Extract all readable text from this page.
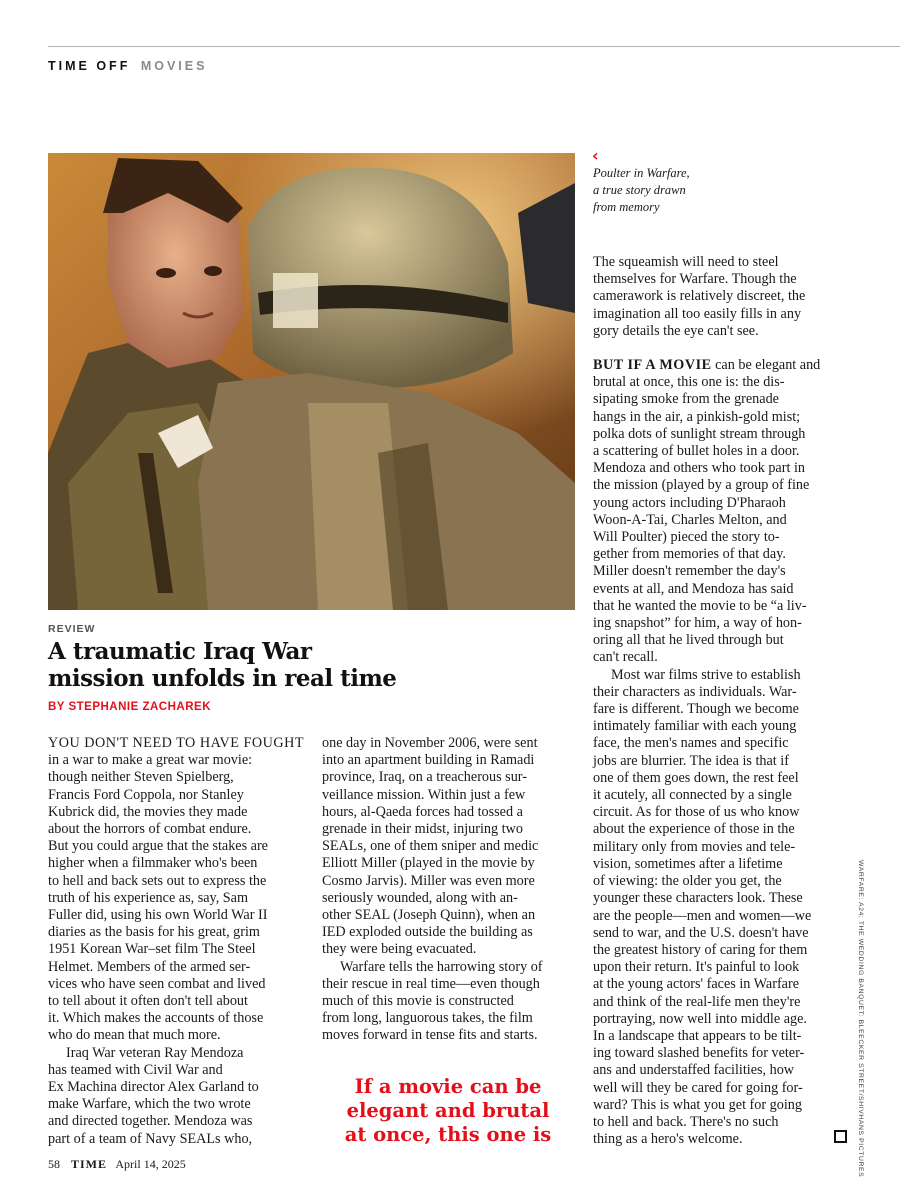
TIME OFF MOVIES
‹
Poulter in Warfare,
a true story drawn
from memory
REVIEW
A traumatic Iraq War
mission unfolds in real time
BY STEPHANIE ZACHAREK
YOU DON'T NEED TO HAVE FOUGHT
in a war to make a great war movie:
though neither Steven Spielberg,
Francis Ford Coppola, nor Stanley
Kubrick did, the movies they made
about the horrors of combat endure.
But you could argue that the stakes are
higher when a filmmaker who's been
to hell and back sets out to express the
truth of his experience as, say, Sam
Fuller did, using his own World War II
diaries as the basis for his great, grim
1951 Korean War–set film The Steel
Helmet. Members of the armed ser-
vices who have seen combat and lived
to tell about it often don't tell about
it. Which makes the accounts of those
who do mean that much more.
Iraq War veteran Ray Mendoza
has teamed with Civil War and
Ex Machina director Alex Garland to
make Warfare, which the two wrote
and directed together. Mendoza was
part of a team of Navy SEALs who,
one day in November 2006, were sent
into an apartment building in Ramadi
province, Iraq, on a treacherous sur-
veillance mission. Within just a few
hours, al-Qaeda forces had tossed a
grenade in their midst, injuring two
SEALs, one of them sniper and medic
Elliott Miller (played in the movie by
Cosmo Jarvis). Miller was even more
seriously wounded, along with an-
other SEAL (Joseph Quinn), when an
IED exploded outside the building as
they were being evacuated.
Warfare tells the harrowing story of
their rescue in real time—even though
much of this movie is constructed
from long, languorous takes, the film
moves forward in tense fits and starts.
If a movie can be
elegant and brutal
at once, this one is
The squeamish will need to steel
themselves for Warfare. Though the
camerawork is relatively discreet, the
imagination all too easily fills in any
gory details the eye can't see.
BUT IF A MOVIE can be elegant and
brutal at once, this one is: the dis-
sipating smoke from the grenade
hangs in the air, a pinkish-gold mist;
polka dots of sunlight stream through
a scattering of bullet holes in a door.
Mendoza and others who took part in
the mission (played by a group of fine
young actors including D'Pharaoh
Woon-A-Tai, Charles Melton, and
Will Poulter) pieced the story to-
gether from memories of that day.
Miller doesn't remember the day's
events at all, and Mendoza has said
that he wanted the movie to be “a liv-
ing snapshot” for him, a way of hon-
oring all that he lived through but
can't recall.
Most war films strive to establish
their characters as individuals. War-
fare is different. Though we become
intimately familiar with each young
face, the men's names and specific
jobs are blurrier. The idea is that if
one of them goes down, the rest feel
it acutely, all connected by a single
circuit. As for those of us who know
about the experience of those in the
military only from movies and tele-
vision, sometimes after a lifetime
of viewing: the older you get, the
younger these characters look. These
are the people—men and women—we
send to war, and the U.S. doesn't have
the greatest history of caring for them
upon their return. It's painful to look
at the young actors' faces in Warfare
and think of the real-life men they're
portraying, now well into middle age.
In a landscape that appears to be tilt-
ing toward slashed benefits for veter-
ans and understaffed facilities, how
well will they be cared for going for-
ward? This is what you get for going
to hell and back. There's no such
thing as a hero's welcome.	WARFARE: A24; THE WEDDING BANQUET: BLEECKER STREET/SHIVHANS PICTURES
58 TIME April 14, 2025
